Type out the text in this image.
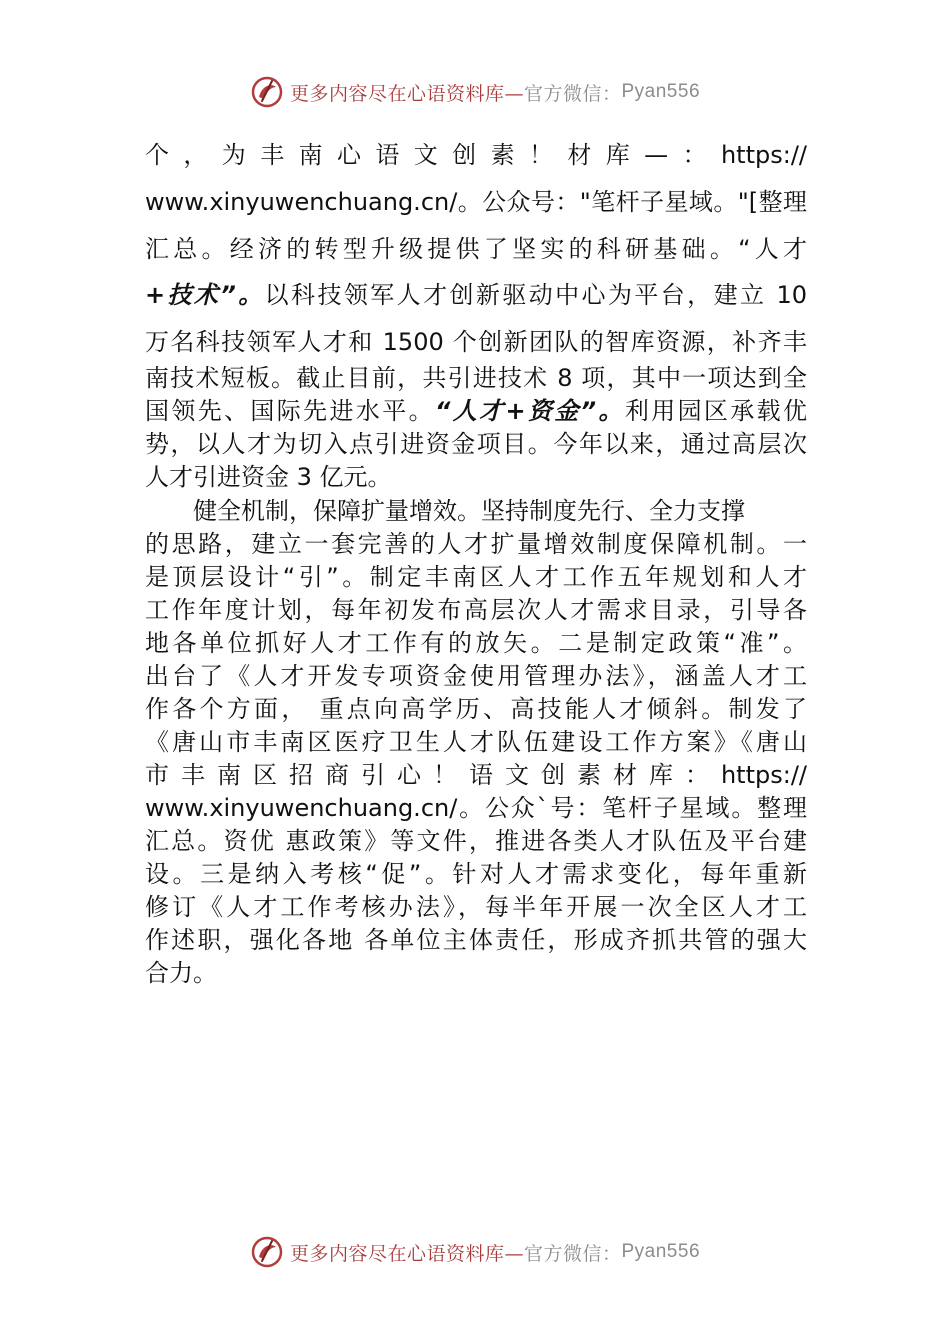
更多内容尽在心语资料库— 官方微信： Pyan556
个，为丰南心语文创素！材库—：https://
www.xinyuwenchuang.cn/。公众号："笔杆子星域。"[整理
汇总。经济的转型升级提供了坚实的科研基础。“人才
+技术”。以科技领军人才创新驱动中心为平台，建立 10
万名科技领军人才和 1500 个创新团队的智库资源，补齐丰
南技术短板。截止目前，共引进技术 8 项，其中一项达到全
国领先、国际先进水平。“人才+资金”。利用园区承载优
势，以人才为切入点引进资金项目。今年以来，通过高层次
人才引进资金 3 亿元。
健全机制，保障扩量增效。坚持制度先行、全力支撑
的思路，建立一套完善的人才扩量增效制度保障机制。一
是顶层设计“引”。制定丰南区人才工作五年规划和人才
工作年度计划，每年初发布高层次人才需求目录，引导各
地各单位抓好人才工作有的放矢。二是制定政策“准”。
出台了《人才开发专项资金使用管理办法》，涵盖人才工
作各个方面， 重点向高学历、高技能人才倾斜。制发了
《唐山市丰南区医疗卫生人才队伍建设工作方案》《唐山
市 丰 南 区 招 商 引 心 ！ 语 文 创 素 材 库 ： https://
www.xinyuwenchuang.cn/。公众`号：笔杆子星域。整理
汇总。资优 惠政策》等文件，推进各类人才队伍及平台建
设。三是纳入考核“促”。针对人才需求变化，每年重新
修订《人才工作考核办法》，每半年开展一次全区人才工
作述职，强化各地 各单位主体责任，形成齐抓共管的强大
合力。
更多内容尽在心语资料库— 官方微信： Pyan556
